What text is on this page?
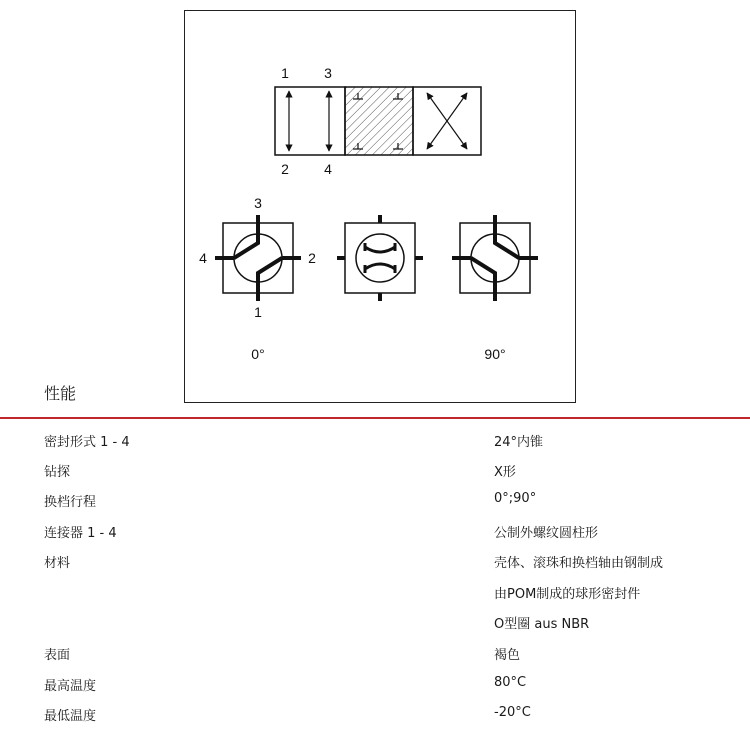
1	3
2	4
3
4	2
1
0°	90°
性能
密封形式 1 - 4	24°内锥
钻探	X形
换档行程	0°;90°
连接器 1 - 4	公制外螺纹圆柱形
材料	壳体、滚珠和换档轴由钢制成
由POM制成的球形密封件
O型圈 aus NBR
表面	褐色
最高温度	80°C
最低温度	-20°C
